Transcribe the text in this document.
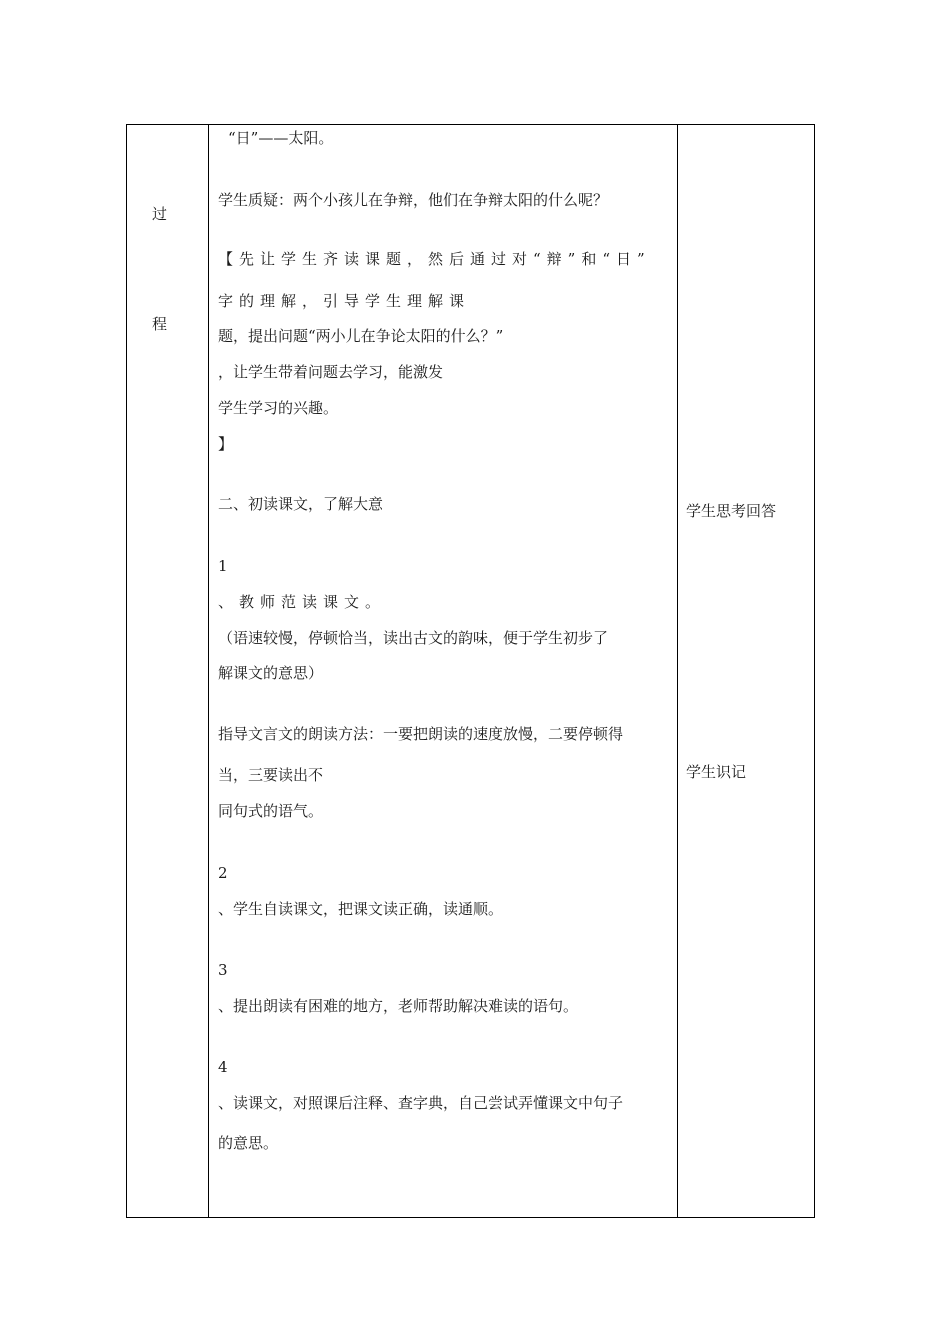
过
程
“日”——太阳。
学生质疑：两个小孩儿在争辩，他们在争辩太阳的什么呢？
【先让学生齐读课题，然后通过对“辩”和“日”
字的理解，引导学生理解课
题，提出问题“两小儿在争论太阳的什么？”
，让学生带着问题去学习，能激发
学生学习的兴趣。
】
二、初读课文，了解大意
1
、教师范读课文。
（语速较慢，停顿恰当，读出古文的韵味，便于学生初步了
解课文的意思）
指导文言文的朗读方法：一要把朗读的速度放慢，二要停顿得
当，三要读出不
同句式的语气。
2
、学生自读课文，把课文读正确，读通顺。
3
、提出朗读有困难的地方，老师帮助解决难读的语句。
4
、读课文，对照课后注释、查字典，自己尝试弄懂课文中句子
的意思。
学生思考回答
学生识记
